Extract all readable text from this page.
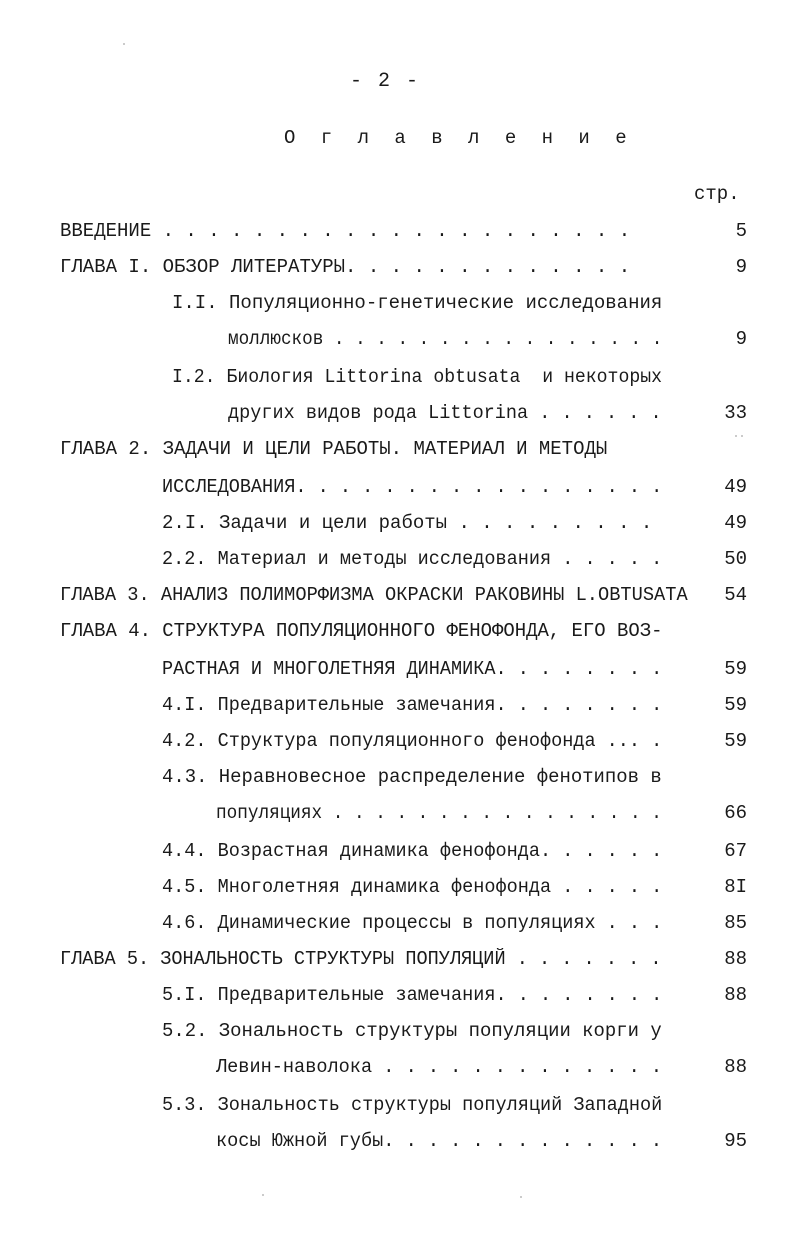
- 2 -
О г л а в л е н и е
стр.
ВВЕДЕНИЕ . . . . . . . . . . . . . . . . . . . . .	5
ГЛАВА I. ОБЗОР ЛИТЕРАТУРЫ. . . . . . . . . . . . .	9
I.I. Популяционно-генетические исследования
моллюсков . . . . . . . . . . . . . . . .	9
I.2. Биология Littorina obtusata  и некоторых
других видов рода Littorina . . . . . .	33
ГЛАВА 2. ЗАДАЧИ И ЦЕЛИ РАБОТЫ. МАТЕРИАЛ И МЕТОДЫ
ИССЛЕДОВАНИЯ. . . . . . . . . . . . . . . . .	49
2.I. Задачи и цели работы . . . . . . . . .	49
2.2. Материал и методы исследования . . . . .	50
ГЛАВА 3. АНАЛИЗ ПОЛИМОРФИЗМА ОКРАСКИ РАКОВИНЫ L.OBTUSATA	54
ГЛАВА 4. СТРУКТУРА ПОПУЛЯЦИОННОГО ФЕНОФОНДА, ЕГО ВОЗ-
РАСТНАЯ И МНОГОЛЕТНЯЯ ДИНАМИКА. . . . . . . .	59
4.I. Предварительные замечания. . . . . . . .	59
4.2. Структура популяционного фенофонда ... .	59
4.3. Неравновесное распределение фенотипов в
популяциях . . . . . . . . . . . . . . . .	66
4.4. Возрастная динамика фенофонда. . . . . .	67
4.5. Многолетняя динамика фенофонда . . . . .	8I
4.6. Динамические процессы в популяциях . . .	85
ГЛАВА 5. ЗОНАЛЬНОСТЬ СТРУКТУРЫ ПОПУЛЯЦИЙ . . . . . . .	88
5.I. Предварительные замечания. . . . . . . .	88
5.2. Зональность структуры популяции корги у
Левин-наволока . . . . . . . . . . . . .	88
5.3. Зональность структуры популяций Западной
косы Южной губы. . . . . . . . . . . . .	95
